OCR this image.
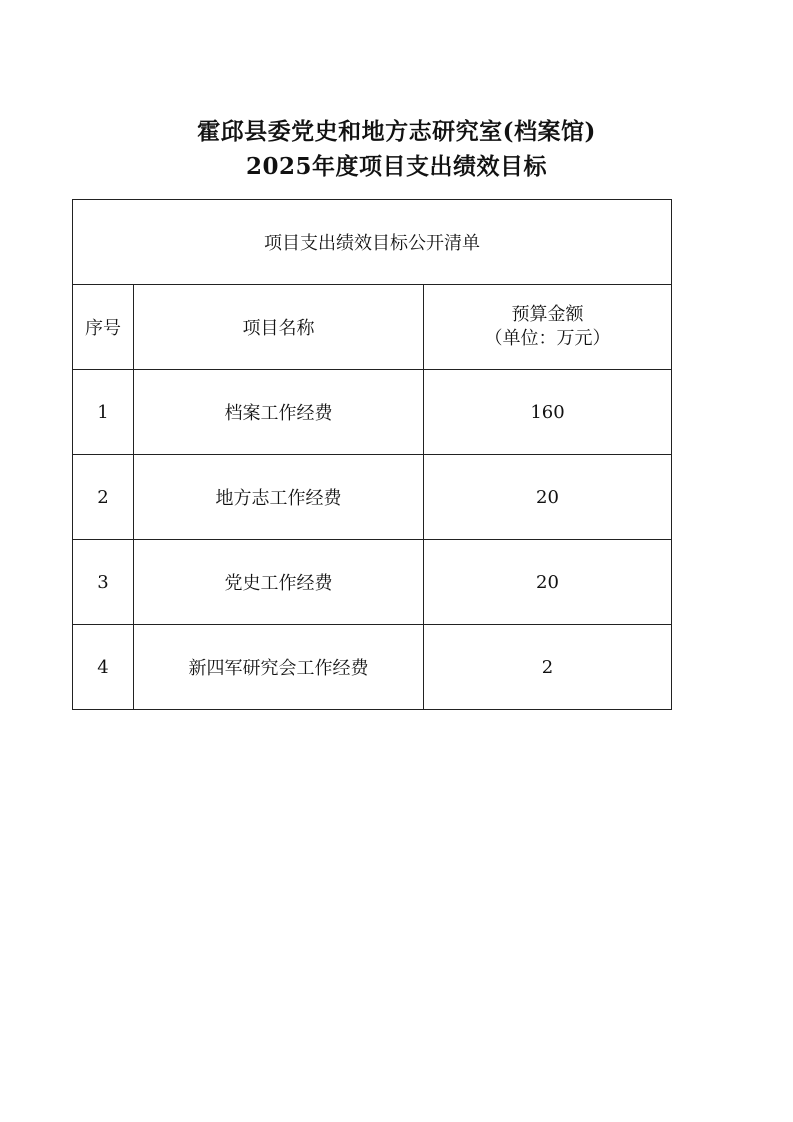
霍邱县委党史和地方志研究室(档案馆)
2025年度项目支出绩效目标
项目支出绩效目标公开清单		
序号	项目名称	预算金额
（单位：万元）

1	档案工作经费	160
2	地方志工作经费	20
3	党史工作经费	20
4	新四军研究会工作经费	2
